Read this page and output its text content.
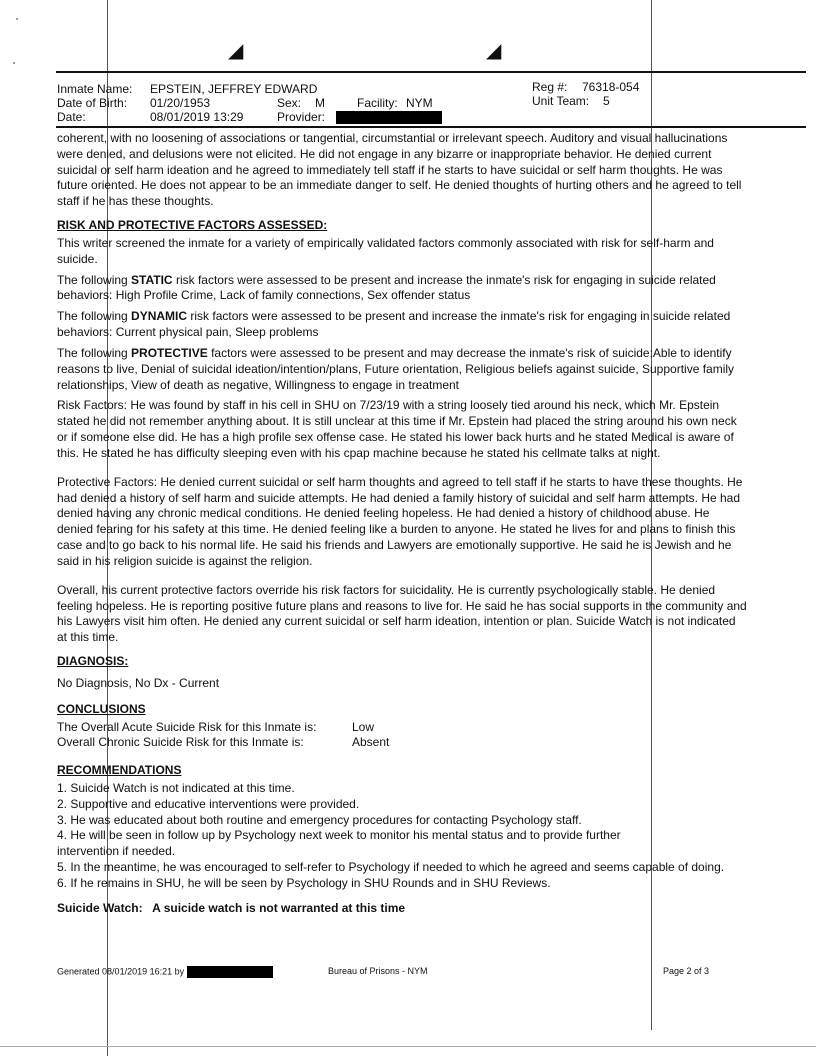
◢	◢
Inmate Name: EPSTEIN, JEFFREY EDWARD	Reg #: 76318-054
Date of Birth: 01/20/1953	Sex: M	Facility: NYM	Unit Team: 5
Date:	08/01/2019 13:29	Provider:

coherent, with no loosening of associations or tangential, circumstantial or irrelevant speech. Auditory and visual hallucinations were denied, and delusions were not elicited. He did not engage in any bizarre or inappropriate behavior. He denied current suicidal or self harm ideation and he agreed to immediately tell staff if he starts to have suicidal or self harm thoughts. He was future oriented. He does not appear to be an immediate danger to self. He denied thoughts of hurting others and he agreed to tell staff if he has these thoughts.

RISK AND PROTECTIVE FACTORS ASSESSED:

This writer screened the inmate for a variety of empirically validated factors commonly associated with risk for self-harm and suicide.

The following STATIC risk factors were assessed to be present and increase the inmate's risk for engaging in suicide related behaviors: High Profile Crime, Lack of family connections, Sex offender status

The following DYNAMIC risk factors were assessed to be present and increase the inmate's risk for engaging in suicide related behaviors: Current physical pain, Sleep problems

The following PROTECTIVE factors were assessed to be present and may decrease the inmate's risk of suicide:Able to identify reasons to live, Denial of suicidal ideation/intention/plans, Future orientation, Religious beliefs against suicide, Supportive family relationships, View of death as negative, Willingness to engage in treatment

Risk Factors: He was found by staff in his cell in SHU on 7/23/19 with a string loosely tied around his neck, which Mr. Epstein stated he did not remember anything about. It is still unclear at this time if Mr. Epstein had placed the string around his own neck or if someone else did. He has a high profile sex offense case. He stated his lower back hurts and he stated Medical is aware of this. He stated he has difficulty sleeping even with his cpap machine because he stated his cellmate talks at night.

Protective Factors: He denied current suicidal or self harm thoughts and agreed to tell staff if he starts to have these thoughts. He had denied a history of self harm and suicide attempts. He had denied a family history of suicidal and self harm attempts. He had denied having any chronic medical conditions. He denied feeling hopeless. He had denied a history of childhood abuse. He denied fearing for his safety at this time. He denied feeling like a burden to anyone. He stated he lives for and plans to finish this case and to go back to his normal life. He said his friends and Lawyers are emotionally supportive. He said he is Jewish and he said in his religion suicide is against the religion.

Overall, his current protective factors override his risk factors for suicidality. He is currently psychologically stable. He denied feeling hopeless. He is reporting positive future plans and reasons to live for. He said he has social supports in the community and his Lawyers visit him often. He denied any current suicidal or self harm ideation, intention or plan. Suicide Watch is not indicated at this time.

DIAGNOSIS:

No Diagnosis, No Dx - Current

CONCLUSIONS
The Overall Acute Suicide Risk for this Inmate is:	Low
Overall Chronic Suicide Risk for this Inmate is:	Absent
RECOMMENDATIONS
1. Suicide Watch is not indicated at this time.
2. Supportive and educative interventions were provided.
3. He was educated about both routine and emergency procedures for contacting Psychology staff.
4. He will be seen in follow up by Psychology next week to monitor his mental status and to provide further intervention if needed.
5. In the meantime, he was encouraged to self-refer to Psychology if needed to which he agreed and seems capable of doing.
6. If he remains in SHU, he will be seen by Psychology in SHU Rounds and in SHU Reviews.
Suicide Watch: A suicide watch is not warranted at this time
Generated 08/01/2019 16:21 by	Bureau of Prisons - NYM	Page 2 of 3
